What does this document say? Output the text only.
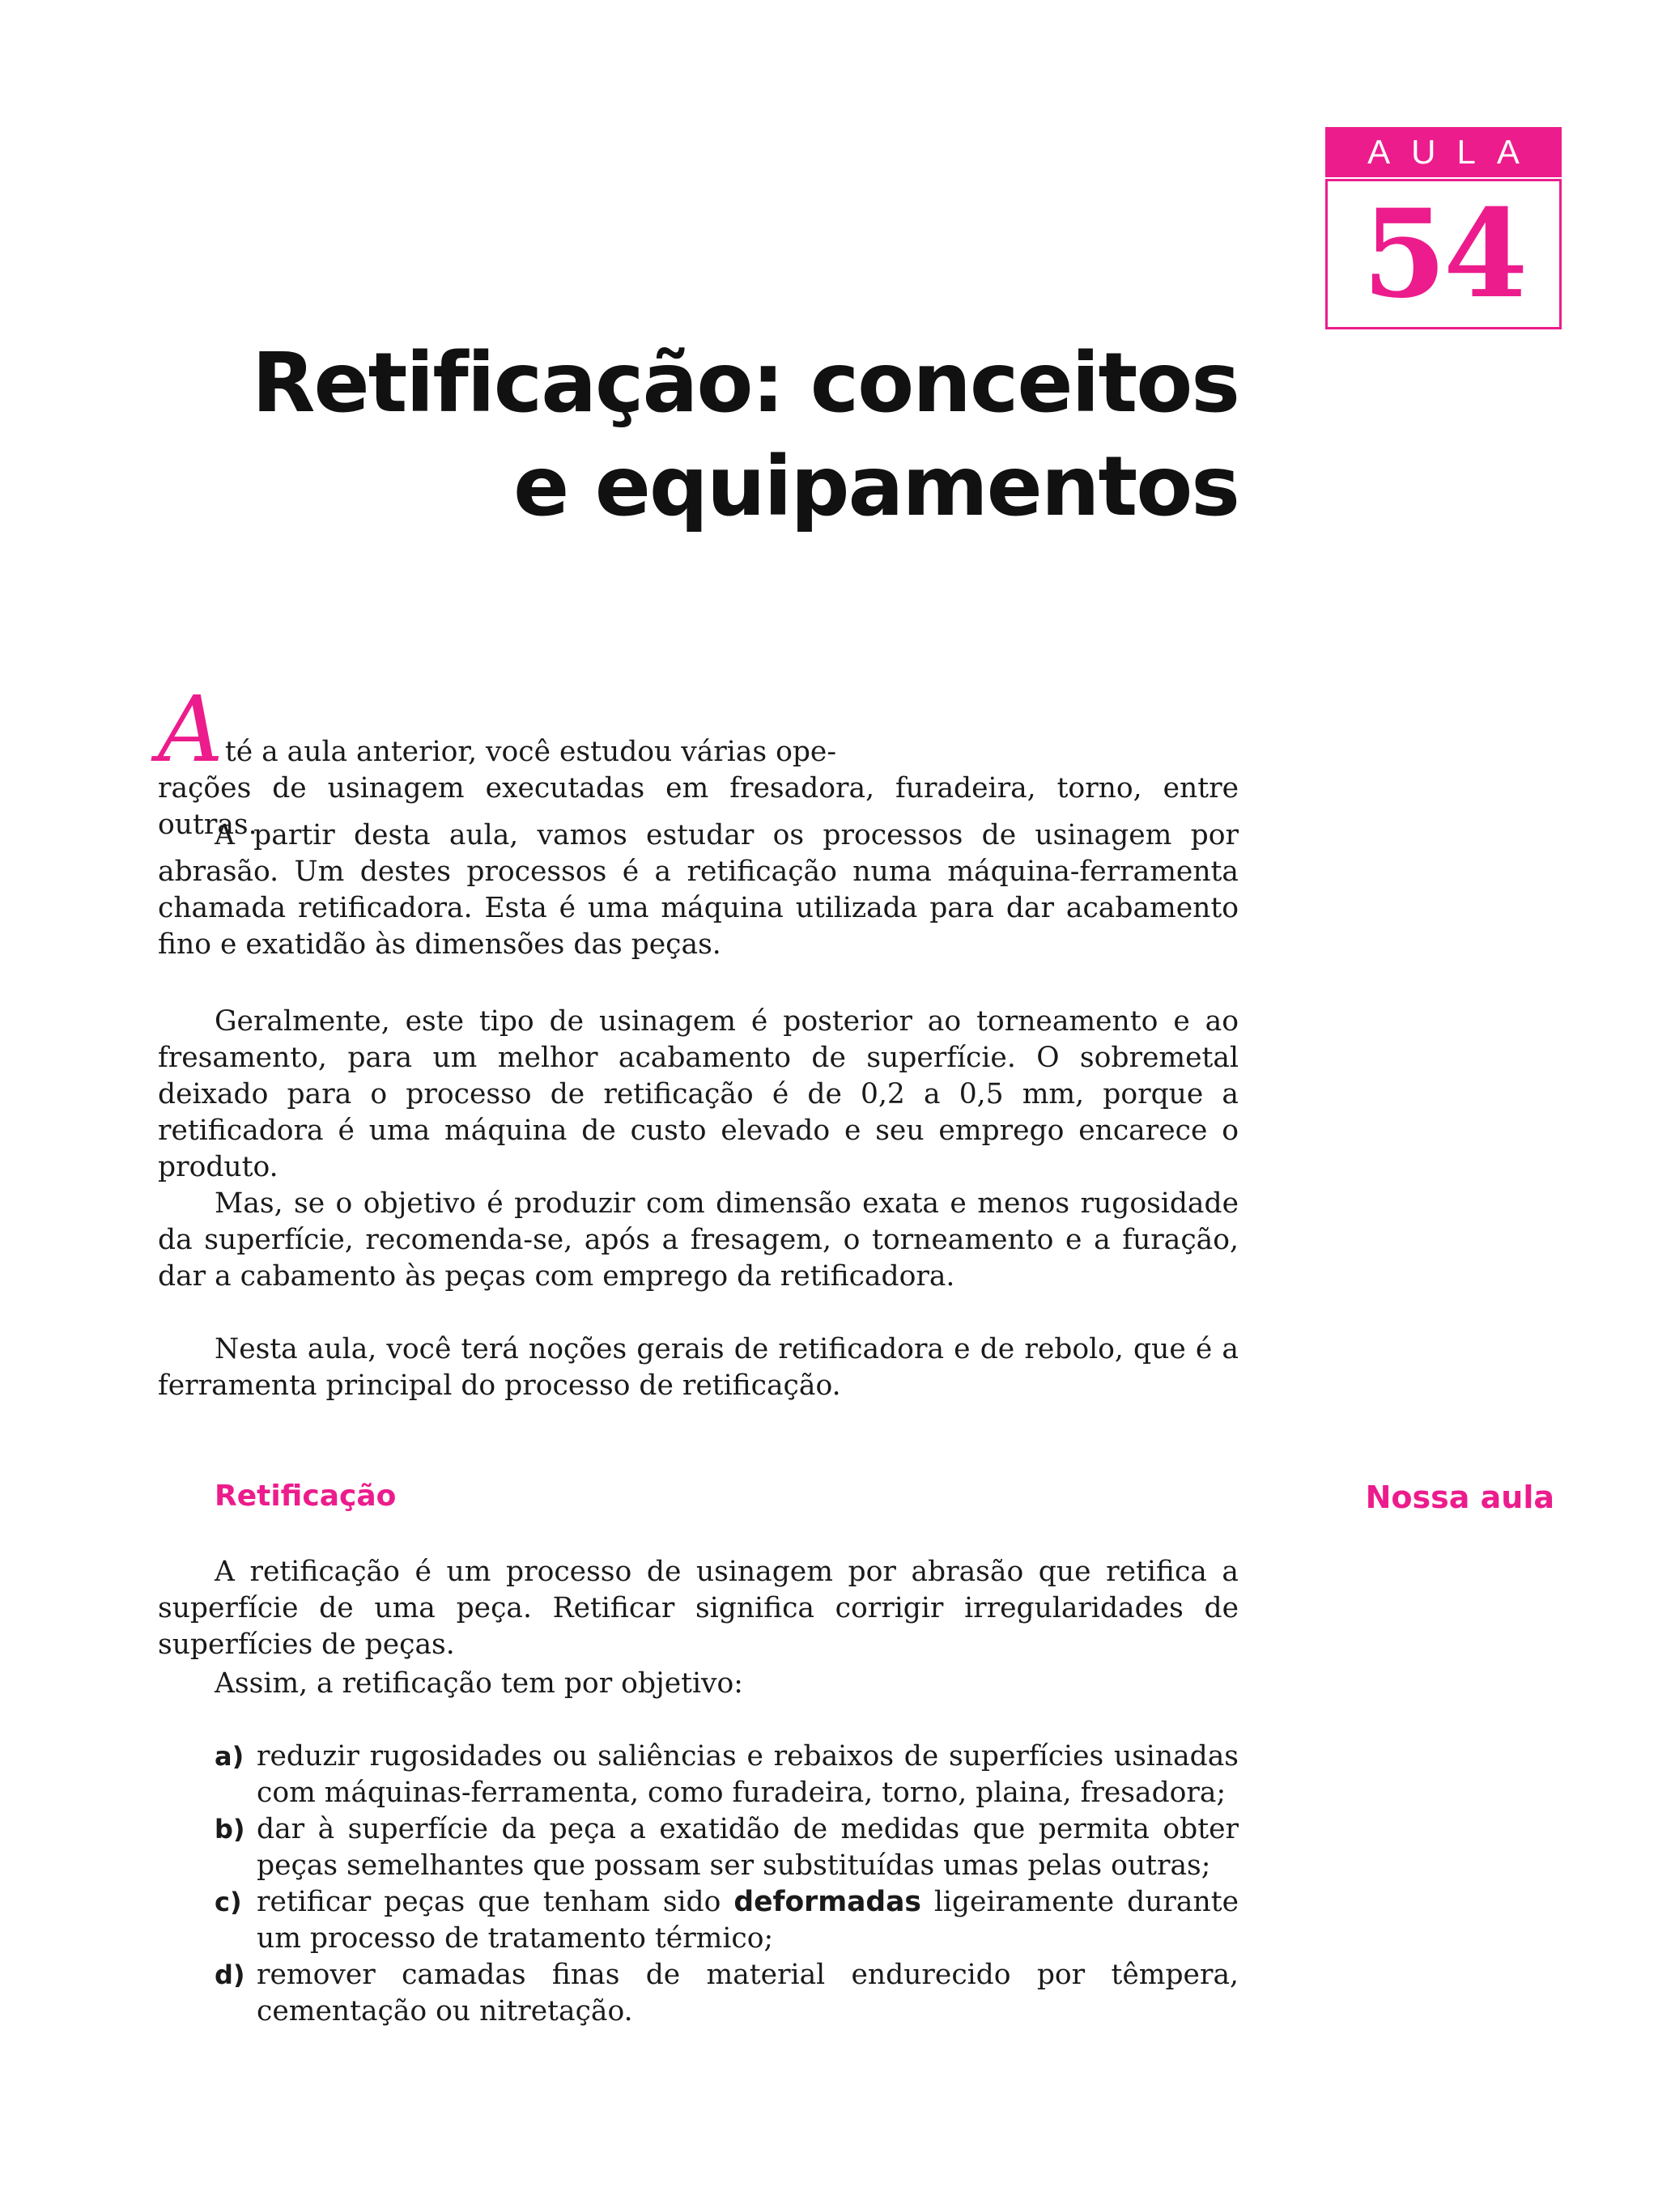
AULA
54
Retificação: conceitos
e equipamentos

Até a aula anterior, você estudou várias ope-
rações de usinagem executadas em fresadora, furadeira, torno, entre outras.

A partir desta aula, vamos estudar os processos de usinagem por abrasão. Um destes processos é a retificação numa máquina-ferramenta chamada retificadora. Esta é uma máquina utilizada para dar acabamento fino e exatidão às dimensões das peças.

Geralmente, este tipo de usinagem é posterior ao torneamento e ao fresamento, para um melhor acabamento de superfície. O sobremetal deixado para o processo de retificação é de 0,2 a 0,5 mm, porque a retificadora é uma máquina de custo elevado e seu emprego encarece o produto.

Mas, se o objetivo é produzir com dimensão exata e menos rugosidade da superfície, recomenda-se, após a fresagem, o torneamento e a furação, dar a cabamento às peças com emprego da retificadora.

Nesta aula, você terá noções gerais de retificadora e de rebolo, que é a ferramenta principal do processo de retificação.

Retificação	Nossa aula

A retificação é um processo de usinagem por abrasão que retifica a superfície de uma peça. Retificar significa corrigir irregularidades de superfícies de peças.

Assim, a retificação tem por objetivo:

a) reduzir rugosidades ou saliências e rebaixos de superfícies usinadas com máquinas-ferramenta, como furadeira, torno, plaina, fresadora;
b) dar à superfície da peça a exatidão de medidas que permita obter peças semelhantes que possam ser substituídas umas pelas outras;
c) retificar peças que tenham sido deformadas ligeiramente durante um processo de tratamento térmico;
d) remover camadas finas de material endurecido por têmpera, cementação ou nitretação.
